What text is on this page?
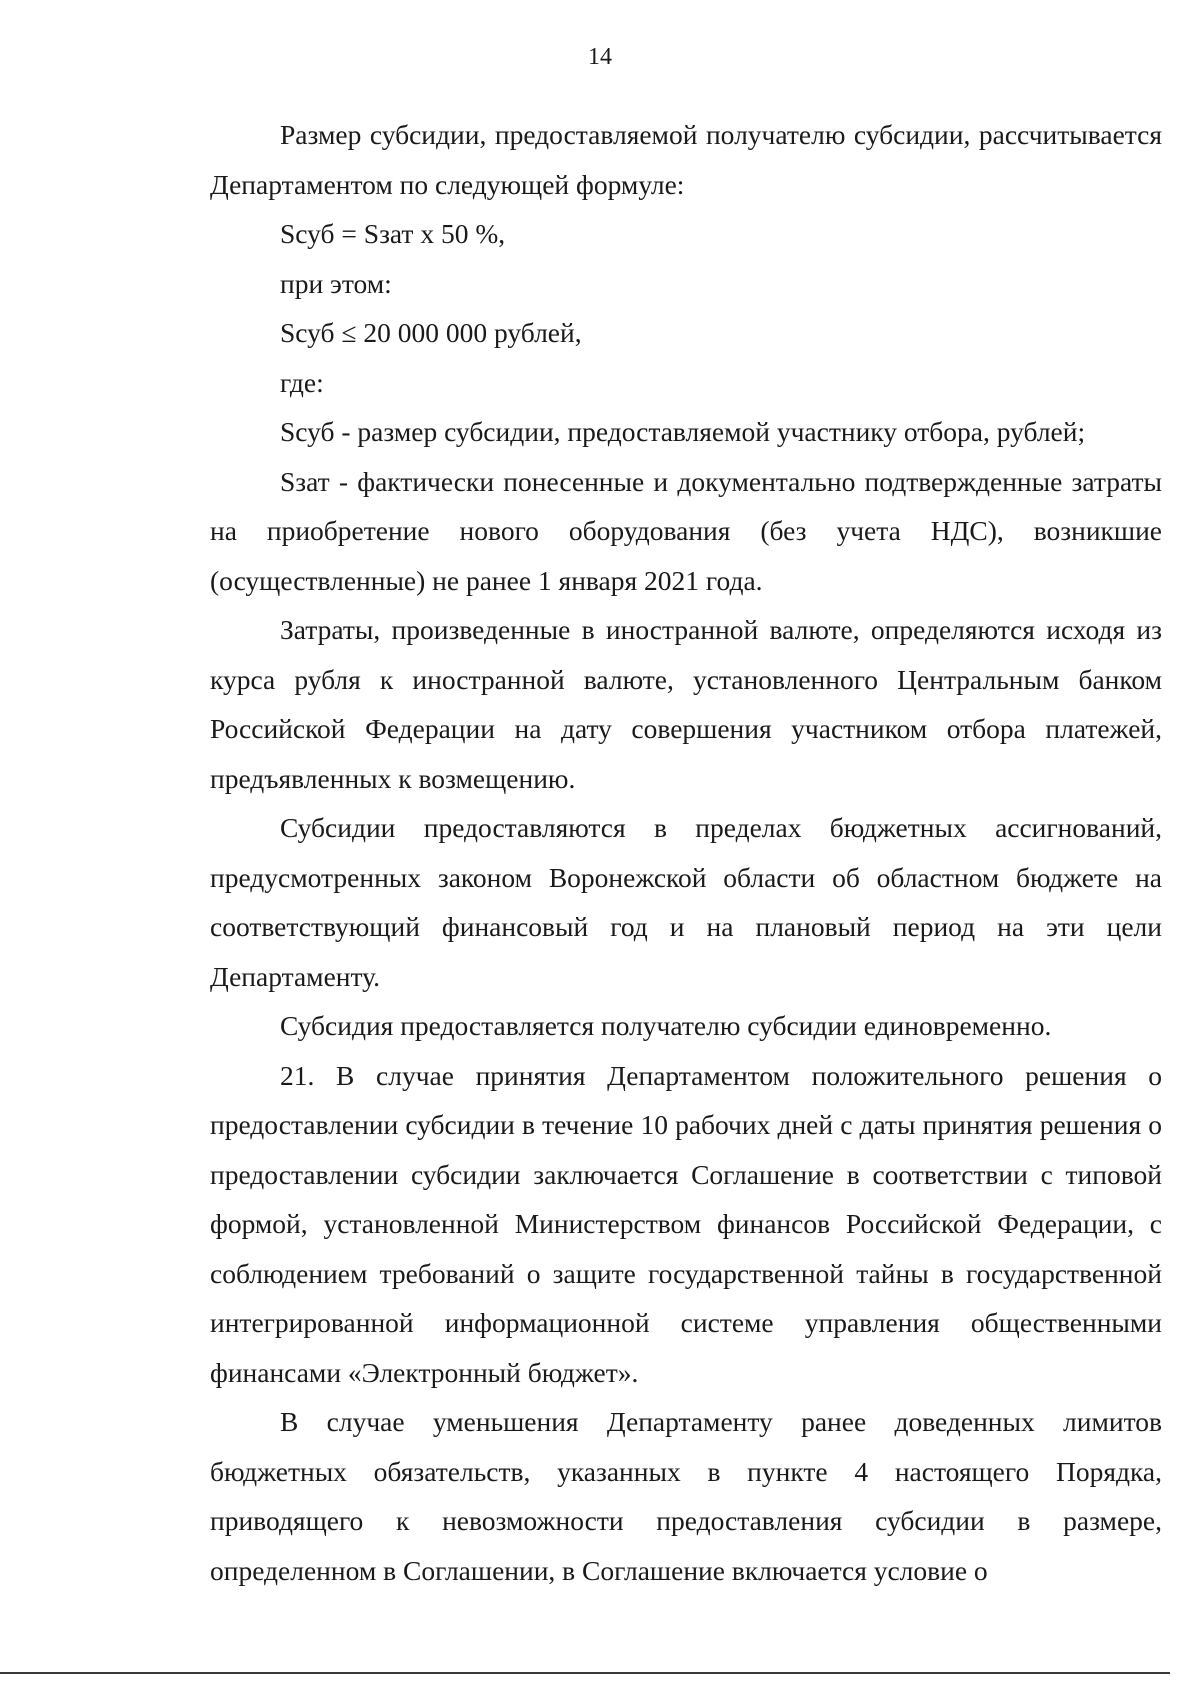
14

Размер субсидии, предоставляемой получателю субсидии, рассчитывается Департаментом по следующей формуле:

Sсуб = Sзат х 50 %,

при этом:

Sсуб ≤ 20 000 000 рублей,

где:

Sсуб - размер субсидии, предоставляемой участнику отбора, рублей;

Sзат - фактически понесенные и документально подтвержденные затраты на приобретение нового оборудования (без учета НДС), возникшие (осуществленные) не ранее 1 января 2021 года.

Затраты, произведенные в иностранной валюте, определяются исходя из курса рубля к иностранной валюте, установленного Центральным банком Российской Федерации на дату совершения участником отбора платежей, предъявленных к возмещению.

Субсидии предоставляются в пределах бюджетных ассигнований, предусмотренных законом Воронежской области об областном бюджете на соответствующий финансовый год и на плановый период на эти цели Департаменту.

Субсидия предоставляется получателю субсидии единовременно.

21. В случае принятия Департаментом положительного решения о предоставлении субсидии в течение 10 рабочих дней с даты принятия решения о предоставлении субсидии заключается Соглашение в соответствии с типовой формой, установленной Министерством финансов Российской Федерации, с соблюдением требований о защите государственной тайны в государственной интегрированной информационной системе управления общественными финансами «Электронный бюджет».

В случае уменьшения Департаменту ранее доведенных лимитов бюджетных обязательств, указанных в пункте 4 настоящего Порядка, приводящего к невозможности предоставления субсидии в размере, определенном в Соглашении, в Соглашение включается условие о
